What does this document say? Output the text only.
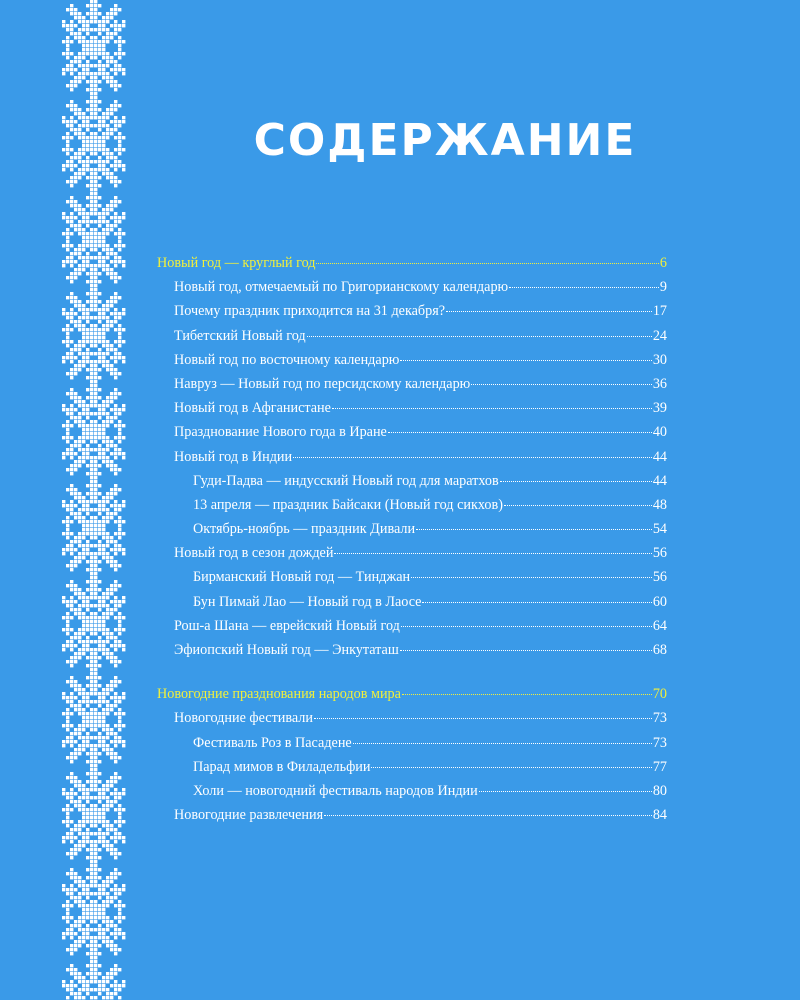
СОДЕРЖАНИЕ
Новый год — круглый год	6
Новый год, отмечаемый по Григорианскому календарю	9
Почему праздник приходится на 31 декабря?	17
Тибетский Новый год	24
Новый год по восточному календарю	30
Навруз — Новый год по персидскому календарю	36
Новый год в Афганистане	39
Празднование Нового года в Иране	40
Новый год в Индии	44
Гуди-Падва — индусский Новый год для маратхов	44
13 апреля — праздник Байсаки (Новый год сикхов)	48
Октябрь-ноябрь — праздник Дивали	54
Новый год в сезон дождей	56
Бирманский Новый год — Тинджан	56
Бун Пимай Лао — Новый год в Лаосе	60
Рош-а Шана — еврейский Новый год	64
Эфиопский Новый год — Энкутаташ	68
Новогодние празднования народов мира	70
Новогодние фестивали	73
Фестиваль Роз в Пасадене	73
Парад мимов в Филадельфии	77
Холи — новогодний фестиваль народов Индии	80
Новогодние развлечения	84
